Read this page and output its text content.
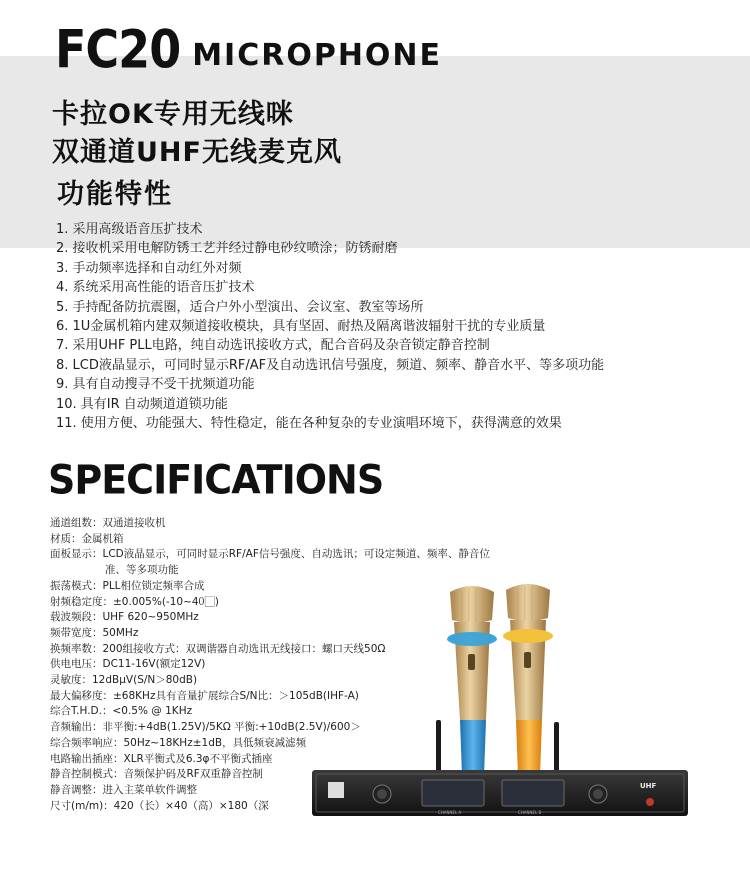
FC20 MICROPHONE
卡拉OK专用无线咪
双通道UHF无线麦克风
功能特性
1. 采用高级语音压扩技术
2. 接收机采用电解防锈工艺并经过静电砂纹喷涂；防锈耐磨
3. 手动频率选择和自动红外对频
4. 系统采用高性能的语音压扩技术
5. 手持配备防抗震圈，适合户外小型演出、会议室、教室等场所
6. 1U金属机箱内建双频道接收模块，具有坚固、耐热及隔离谐波辐射干扰的专业质量
7. 采用UHF PLL电路，纯自动选讯接收方式，配合音码及杂音锁定静音控制
8. LCD液晶显示，可同时显示RF/AF及自动选讯信号强度，频道、频率、静音水平、等多项功能
9. 具有自动搜寻不受干扰频道功能
10. 具有IR 自动频道道锁功能
11. 使用方便、功能强大、特性稳定，能在各种复杂的专业演唱环境下，获得满意的效果
SPECIFICATIONS
通道组数：双通道接收机
材质：金属机箱
面板显示：LCD液晶显示，可同时显示RF/AF信号强度、自动选讯；可设定频道、频率、静音位
准、等多项功能
振荡模式：PLL相位锁定频率合成
射频稳定度：±0.005%(-10~40⃞)
载波频段：UHF 620~950MHz
频带宽度：50MHz
换频率数：200组接收方式：双调谐器自动选讯无线接口：螺口天线50Ω
供电电压：DC11-16V(额定12V)
灵敏度：12dBμV(S/N＞80dB)
最大偏移度：±68KHz具有音量扩展综合S/N比：＞105dB(IHF-A)
综合T.H.D.：<0.5% @ 1KHz
音频输出：非平衡:+4dB(1.25V)/5KΩ 平衡:+10dB(2.5V)/600＞
综合频率响应：50Hz~18KHz±1dB，具低频衰减滤频
电路输出插座：XLR平衡式及6.3φ不平衡式插座
静音控制模式：音频保护码及RF双重静音控制
静音调整：进入主菜单软件调整
尺寸(m/m)：420（长）×40（高）×180（深
CHANNEL A	CHANNEL B
UHF
